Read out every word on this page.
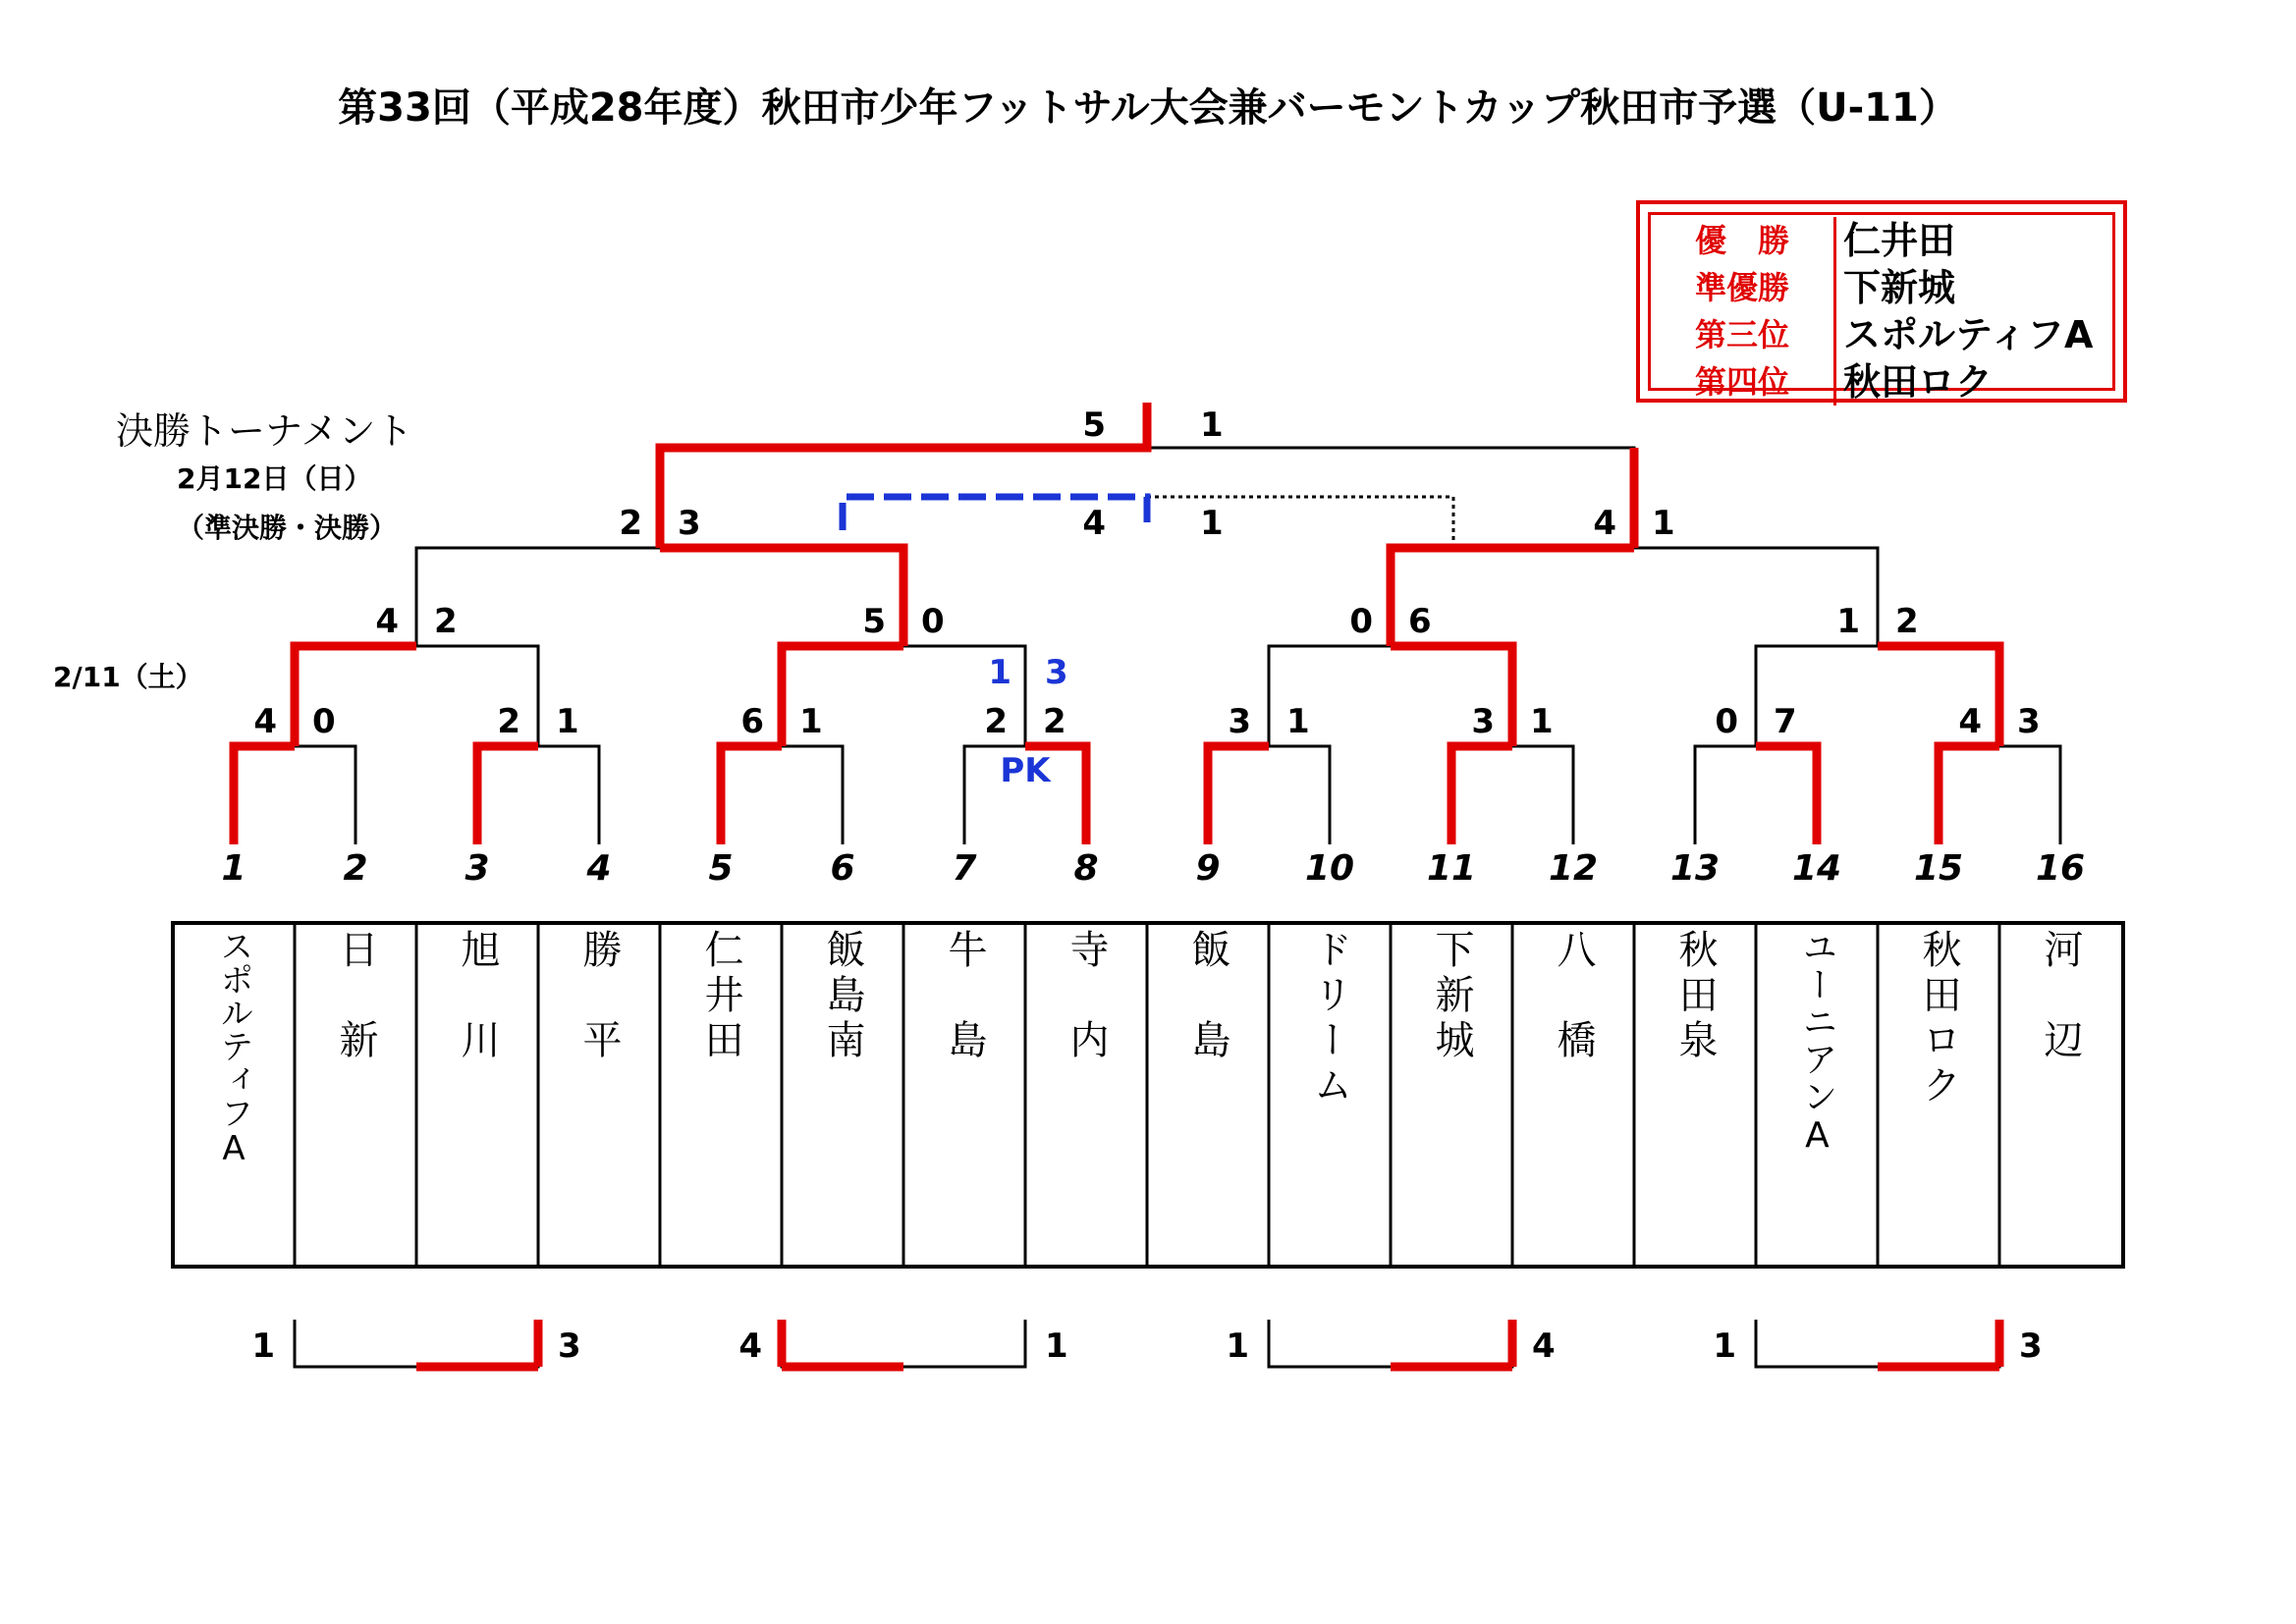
第33回（平成28年度）秋田市少年フットサル大会兼バーモントカップ秋田市予選（U-11）
決勝トーナメント
2月12日（日）
（準決勝・決勝）
2/11（土）
優　勝	仁井田
準優勝	下新城
第三位	スポルティフA
第四位	秋田ロク
1	2	3	4	5	6	7	8	9 10 11 12 13 14 15 16
4 0	2 1	6 1	2 2	3 1	3 1	0 7	4 3
1 3
PK
4 2	5 0	0 6	1 2
2 3	4 1
4	1
5	1
1	3	4	1	1	4	1	3
スポルティフA	日　新	旭　川	勝　平	仁井田	飯島南	牛　島	寺　内	飯　島	ドリーム	下新城	八　橋	秋田泉	ユーニアンA	秋田ロク	河　辺
